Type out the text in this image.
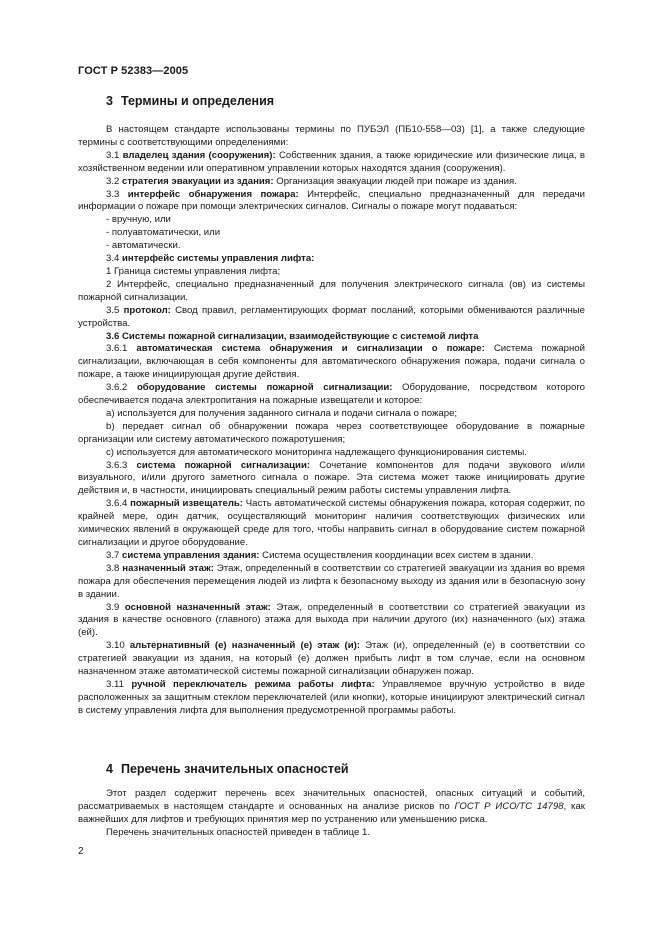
ГОСТ Р 52383—2005
3 Термины и определения

В настоящем стандарте использованы термины по ПУБЭЛ (ПБ10-558—03) [1], а также следующие термины с соответствующими определениями:

3.1 владелец здания (сооружения): Собственник здания, а также юридические или физические лица, в хозяйственном ведении или оперативном управлении которых находятся здания (сооружения).

3.2 стратегия эвакуации из здания: Организация эвакуации людей при пожаре из здания.

3.3 интерфейс обнаружения пожара: Интерфейс, специально предназначенный для передачи информации о пожаре при помощи электрических сигналов. Сигналы о пожаре могут подаваться:

- вручную, или

- полуавтоматически, или

- автоматически.

3.4 интерфейс системы управления лифта:

1 Граница системы управления лифта;

2 Интерфейс, специально предназначенный для получения электрического сигнала (ов) из системы пожарной сигнализации.

3.5 протокол: Свод правил, регламентирующих формат посланий, которыми обмениваются различные устройства.

3.6 Системы пожарной сигнализации, взаимодействующие с системой лифта

3.6.1 автоматическая система обнаружения и сигнализации о пожаре: Система пожарной сигнализации, включающая в себя компоненты для автоматического обнаружения пожара, подачи сигнала о пожаре, а также инициирующая другие действия.

3.6.2 оборудование системы пожарной сигнализации: Оборудование, посредством которого обеспечивается подача электропитания на пожарные извещатели и которое:

a) используется для получения заданного сигнала и подачи сигнала о пожаре;

b) передает сигнал об обнаружении пожара через соответствующее оборудование в пожарные организации или систему автоматического пожаротушения;

c) используется для автоматического мониторинга надлежащего функционирования системы.

3.6.3 система пожарной сигнализации: Сочетание компонентов для подачи звукового и/или визуального, и/или другого заметного сигнала о пожаре. Эта система может также инициировать другие действия и, в частности, инициировать специальный режим работы системы управления лифта.

3.6.4 пожарный извещатель: Часть автоматической системы обнаружения пожара, которая содержит, по крайней мере, один датчик, осуществляющий мониторинг наличия соответствующих физических или химических явлений в окружающей среде для того, чтобы направить сигнал в оборудование систем пожарной сигнализации и другое оборудование.

3.7 система управления здания: Система осуществления координации всех систем в здании.

3.8 назначенный этаж: Этаж, определенный в соответствии со стратегией эвакуации из здания во время пожара для обеспечения перемещения людей из лифта к безопасному выходу из здания или в безопасную зону в здании.

3.9 основной назначенный этаж: Этаж, определенный в соответствии со стратегией эвакуации из здания в качестве основного (главного) этажа для выхода при наличии другого (их) назначенного (ых) этажа (ей).

3.10 альтернативный (е) назначенный (е) этаж (и): Этаж (и), определенный (е) в соответствии со стратегией эвакуации из здания, на который (е) должен прибыть лифт в том случае, если на основном назначенном этаже автоматической системы пожарной сигнализации обнаружен пожар.

3.11 ручной переключатель режима работы лифта: Управляемое вручную устройство в виде расположенных за защитным стеклом переключателей (или кнопки), которые инициируют электрический сигнал в систему управления лифта для выполнения предусмотренной программы работы.

4 Перечень значительных опасностей

Этот раздел содержит перечень всех значительных опасностей, опасных ситуаций и событий, рассматриваемых в настоящем стандарте и основанных на анализе рисков по ГОСТ Р ИСО/ТС 14798, как важнейших для лифтов и требующих принятия мер по устранению или уменьшению риска.

Перечень значительных опасностей приведен в таблице 1.

2
